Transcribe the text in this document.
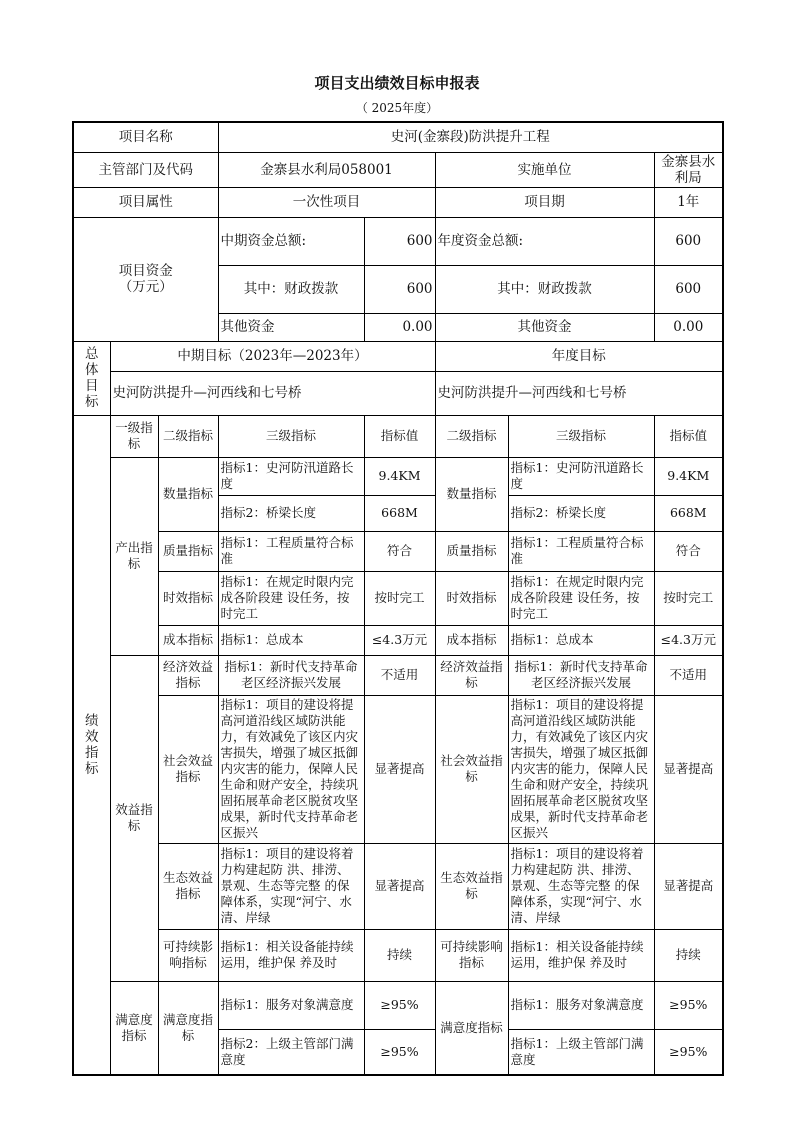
项目支出绩效目标申报表
（ 2025年度）
项目名称			史河(金寨段)防洪提升工程				
主管部门及代码			金寨县水利局058001		实施单位		金寨县水利局
项目属性			一次性项目		项目期		1年

项目资金
（万元）			中期资金总额:	600	年度资金总额:		600
			其中：财政拨款	600	其中：财政拨款		600
			其他资金	0.00	其他资金		0.00
总体目标	中期目标（2023年—2023年）				年度目标		
	史河防洪提升—河西线和七号桥				史河防洪提升—河西线和七号桥		
绩效指标	一级指标	二级指标	三级指标	指标值	二级指标	三级指标	指标值
	产出指标	数量指标	指标1：史河防汛道路长度	9.4KM	数量指标	指标1：史河防汛道路长度	9.4KM
			指标2：桥梁长度	668M		指标2：桥梁长度	668M
		质量指标	指标1：工程质量符合标准	符合	质量指标	指标1：工程质量符合标准	符合
		时效指标	指标1：在规定时限内完成各阶段建 设任务，按时完工	按时完工	时效指标	指标1：在规定时限内完成各阶段建 设任务，按时完工	按时完工
		成本指标	指标1：总成本	≤4.3万元	成本指标	指标1：总成本	≤4.3万元
	效益指标	经济效益指标	指标1：新时代支持革命老区经济振兴发展	不适用	经济效益指标	指标1：新时代支持革命老区经济振兴发展	不适用
		社会效益指标	指标1：项目的建设将提高河道沿线区域防洪能力，有效减免了该区内灾害损失，增强了城区抵御内灾害的能力，保障人民生命和财产安全，持续巩固拓展革命老区脱贫攻坚成果，新时代支持革命老区振兴	显著提高	社会效益指标	指标1：项目的建设将提高河道沿线区域防洪能力，有效减免了该区内灾害损失，增强了城区抵御内灾害的能力，保障人民生命和财产安全，持续巩固拓展革命老区脱贫攻坚成果，新时代支持革命老区振兴	显著提高
		生态效益指标	指标1：项目的建设将着力构建起防 洪、排涝、景观、生态等完整 的保障体系，实现“河宁、水 清、岸绿	显著提高	生态效益指标	指标1：项目的建设将着力构建起防 洪、排涝、景观、生态等完整 的保障体系，实现“河宁、水 清、岸绿	显著提高
		可持续影响指标	指标1：相关设备能持续运用，维护保 养及时	持续	可持续影响指标	指标1：相关设备能持续运用，维护保 养及时	持续
	满意度指标	满意度指标	指标1：服务对象满意度	≥95%	满意度指标	指标1：服务对象满意度	≥95%
			指标2：上级主管部门满意度	≥95%		指标1：上级主管部门满意度	≥95%
